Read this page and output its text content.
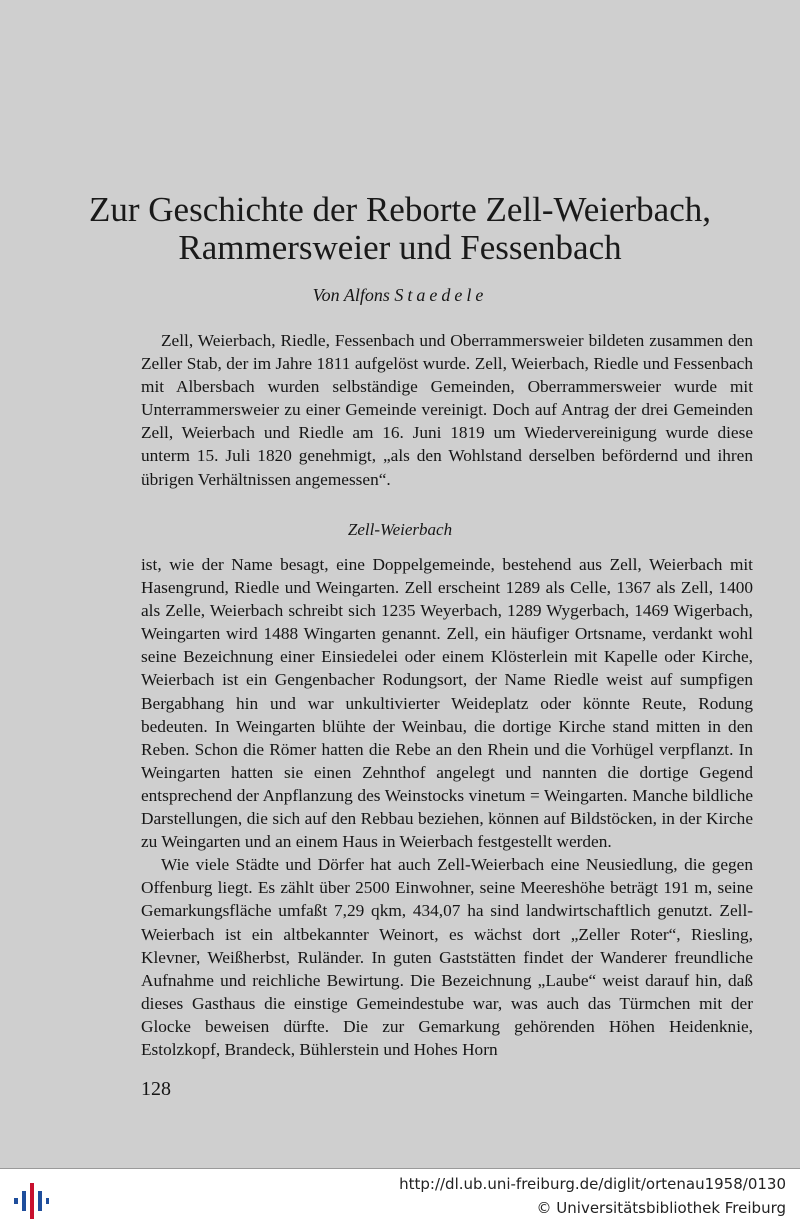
Zur Geschichte der Reborte Zell-Weierbach,
Rammersweier und Fessenbach
Von Alfons Staedele

Zell, Weierbach, Riedle, Fessenbach und Oberrammersweier bildeten zusammen den Zeller Stab, der im Jahre 1811 aufgelöst wurde. Zell, Weierbach, Riedle und Fessenbach mit Albersbach wurden selbständige Gemeinden, Oberrammersweier wurde mit Unterrammersweier zu einer Gemeinde vereinigt. Doch auf Antrag der drei Gemeinden Zell, Weierbach und Riedle am 16. Juni 1819 um Wiedervereinigung wurde diese unterm 15. Juli 1820 genehmigt, „als den Wohlstand derselben befördernd und ihren übrigen Verhältnissen angemessen“.

Zell-Weierbach

ist, wie der Name besagt, eine Doppelgemeinde, bestehend aus Zell, Weierbach mit Hasengrund, Riedle und Weingarten. Zell erscheint 1289 als Celle, 1367 als Zell, 1400 als Zelle, Weierbach schreibt sich 1235 Weyerbach, 1289 Wygerbach, 1469 Wigerbach, Weingarten wird 1488 Wingarten genannt. Zell, ein häufiger Ortsname, verdankt wohl seine Bezeichnung einer Einsiedelei oder einem Klösterlein mit Kapelle oder Kirche, Weierbach ist ein Gengenbacher Rodungsort, der Name Riedle weist auf sumpfigen Bergabhang hin und war unkultivierter Weideplatz oder könnte Reute, Rodung bedeuten. In Weingarten blühte der Weinbau, die dortige Kirche stand mitten in den Reben. Schon die Römer hatten die Rebe an den Rhein und die Vorhügel verpflanzt. In Weingarten hatten sie einen Zehnthof angelegt und nannten die dortige Gegend entsprechend der Anpflanzung des Weinstocks vinetum = Weingarten. Manche bildliche Darstellungen, die sich auf den Rebbau beziehen, können auf Bildstöcken, in der Kirche zu Weingarten und an einem Haus in Weierbach festgestellt werden.

Wie viele Städte und Dörfer hat auch Zell-Weierbach eine Neusiedlung, die gegen Offenburg liegt. Es zählt über 2500 Einwohner, seine Meereshöhe beträgt 191 m, seine Gemarkungsfläche umfaßt 7,29 qkm, 434,07 ha sind landwirtschaftlich genutzt. Zell-Weierbach ist ein altbekannter Weinort, es wächst dort „Zeller Roter“, Riesling, Klevner, Weißherbst, Ruländer. In guten Gaststätten findet der Wanderer freundliche Aufnahme und reichliche Bewirtung. Die Bezeichnung „Laube“ weist darauf hin, daß dieses Gasthaus die einstige Gemeindestube war, was auch das Türmchen mit der Glocke beweisen dürfte. Die zur Gemarkung gehörenden Höhen Heidenknie, Estolzkopf, Brandeck, Bühlerstein und Hohes Horn

128
http://dl.ub.uni-freiburg.de/diglit/ortenau1958/0130
© Universitätsbibliothek Freiburg
